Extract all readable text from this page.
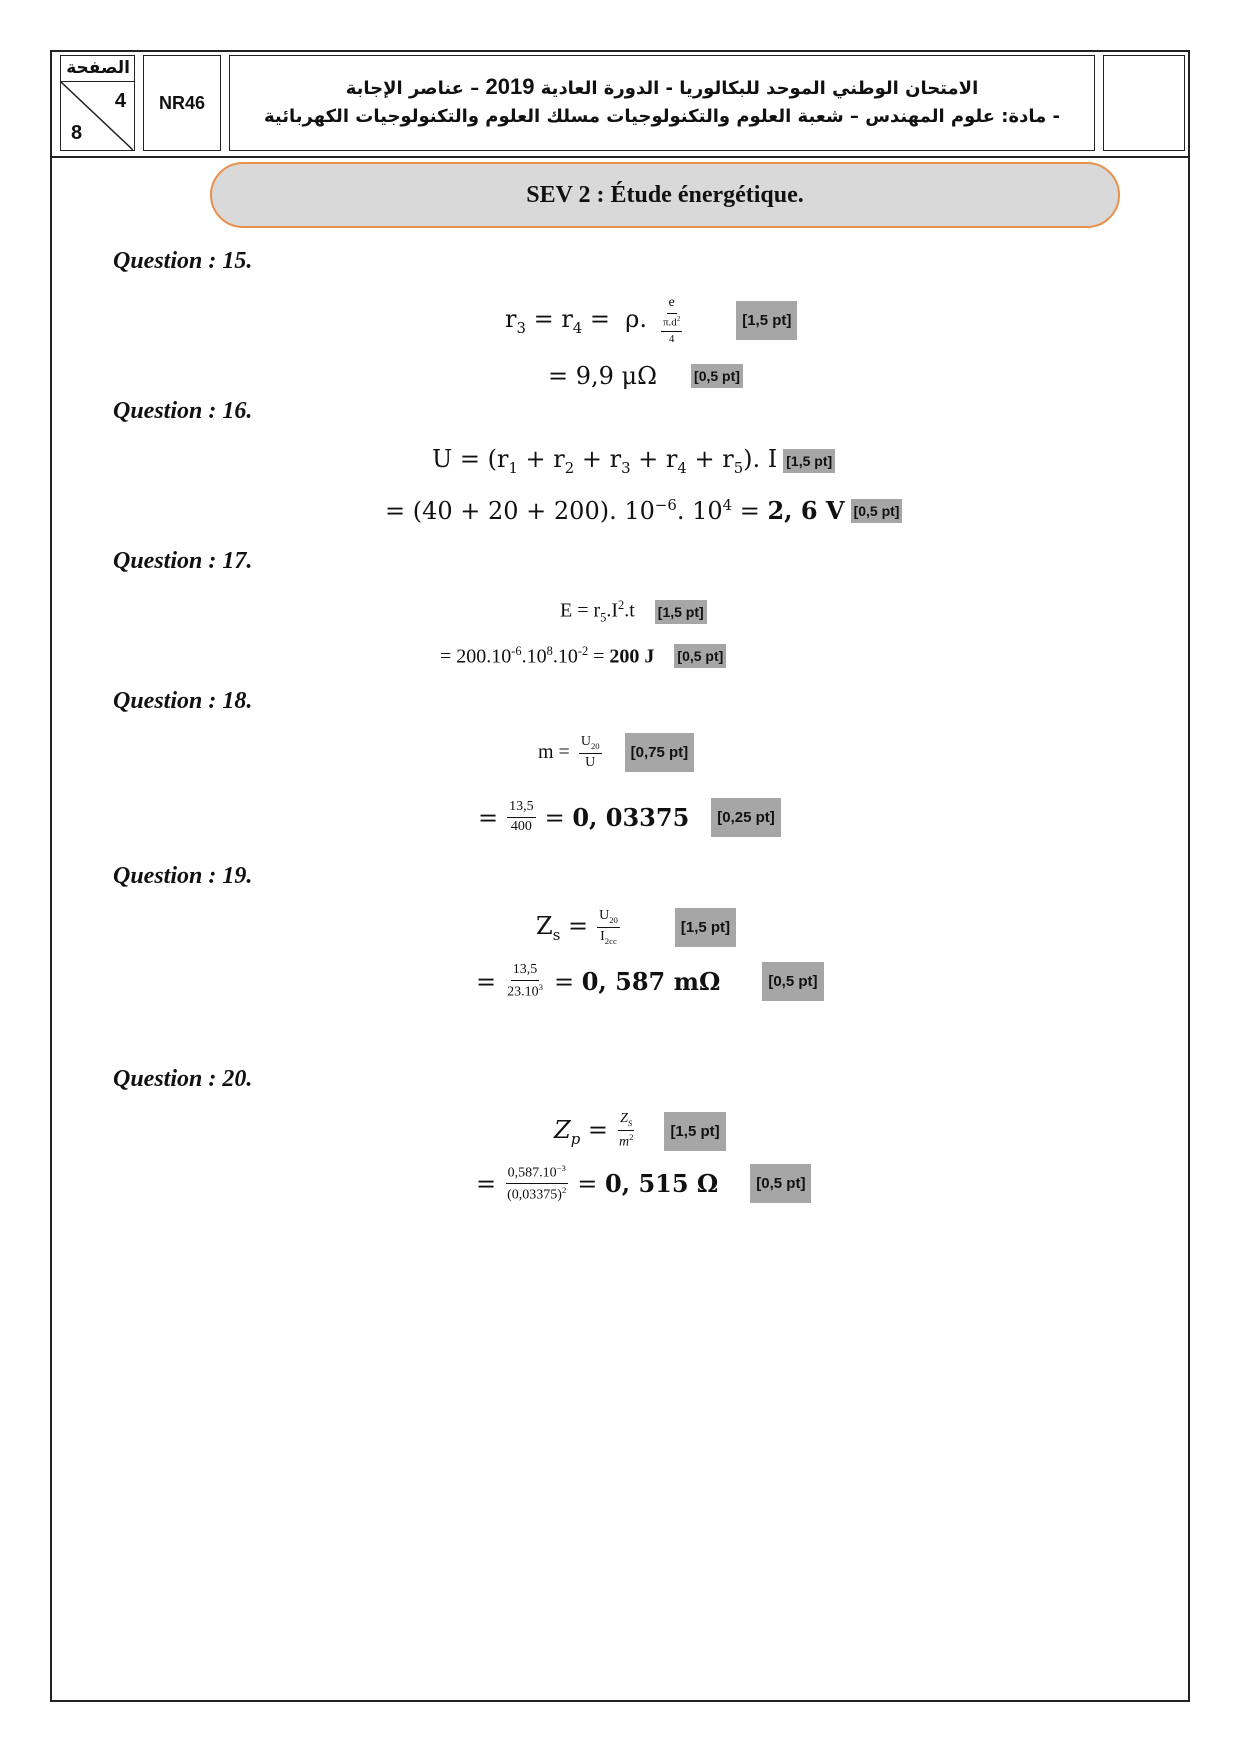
الصفحة
4
8
NR46
الامتحان الوطني الموحد للبكالوريا - الدورة العادية 2019 – عناصر الإجابة
- مادة: علوم المهندس – شعبة العلوم والتكنولوجيات مسلك العلوم والتكنولوجيات الكهربائية
SEV 2 : Étude énergétique.
Question : 15.
$r_3 = r_4 = \rho$. $\frac{e}{\frac{\pi.d^2}{4}}$	[1,5 pt]
= 9,9 μΩ	[0,5 pt]
Question : 16.
$U = (r_1 + r_2 + r_3 + r_4 + r_5)$. I [1,5 pt]
= (40 + 20 + 200). $10^{-6}$. $10^4 = 2$, 6 V [0,5 pt]
Question : 17.
$E = r_5.I^2.t$ [1,5 pt]
= $200.10^{-6}.10^8.10^{-2} = 200$ J [0,5 pt]
Question : 18.
$m = \frac{U_{20}}{U}$	[0,75 pt]
= $\frac{13,5}{400} = 0$, 03375	[0,25 pt]
Question : 19.
$Z_s = \frac{U_{20}}{I_{2cc}}$	[1,5 pt]
= $\frac{13,5}{23.10^3} = 0$, 587 mΩ	[0,5 pt]
Question : 20.
$Z_p = \frac{Z_S}{m^2}$	[1,5 pt]
= $\frac{0,587.10^{-3}}{(0,03375)^2} = 0$, 515 Ω	[0,5 pt]
